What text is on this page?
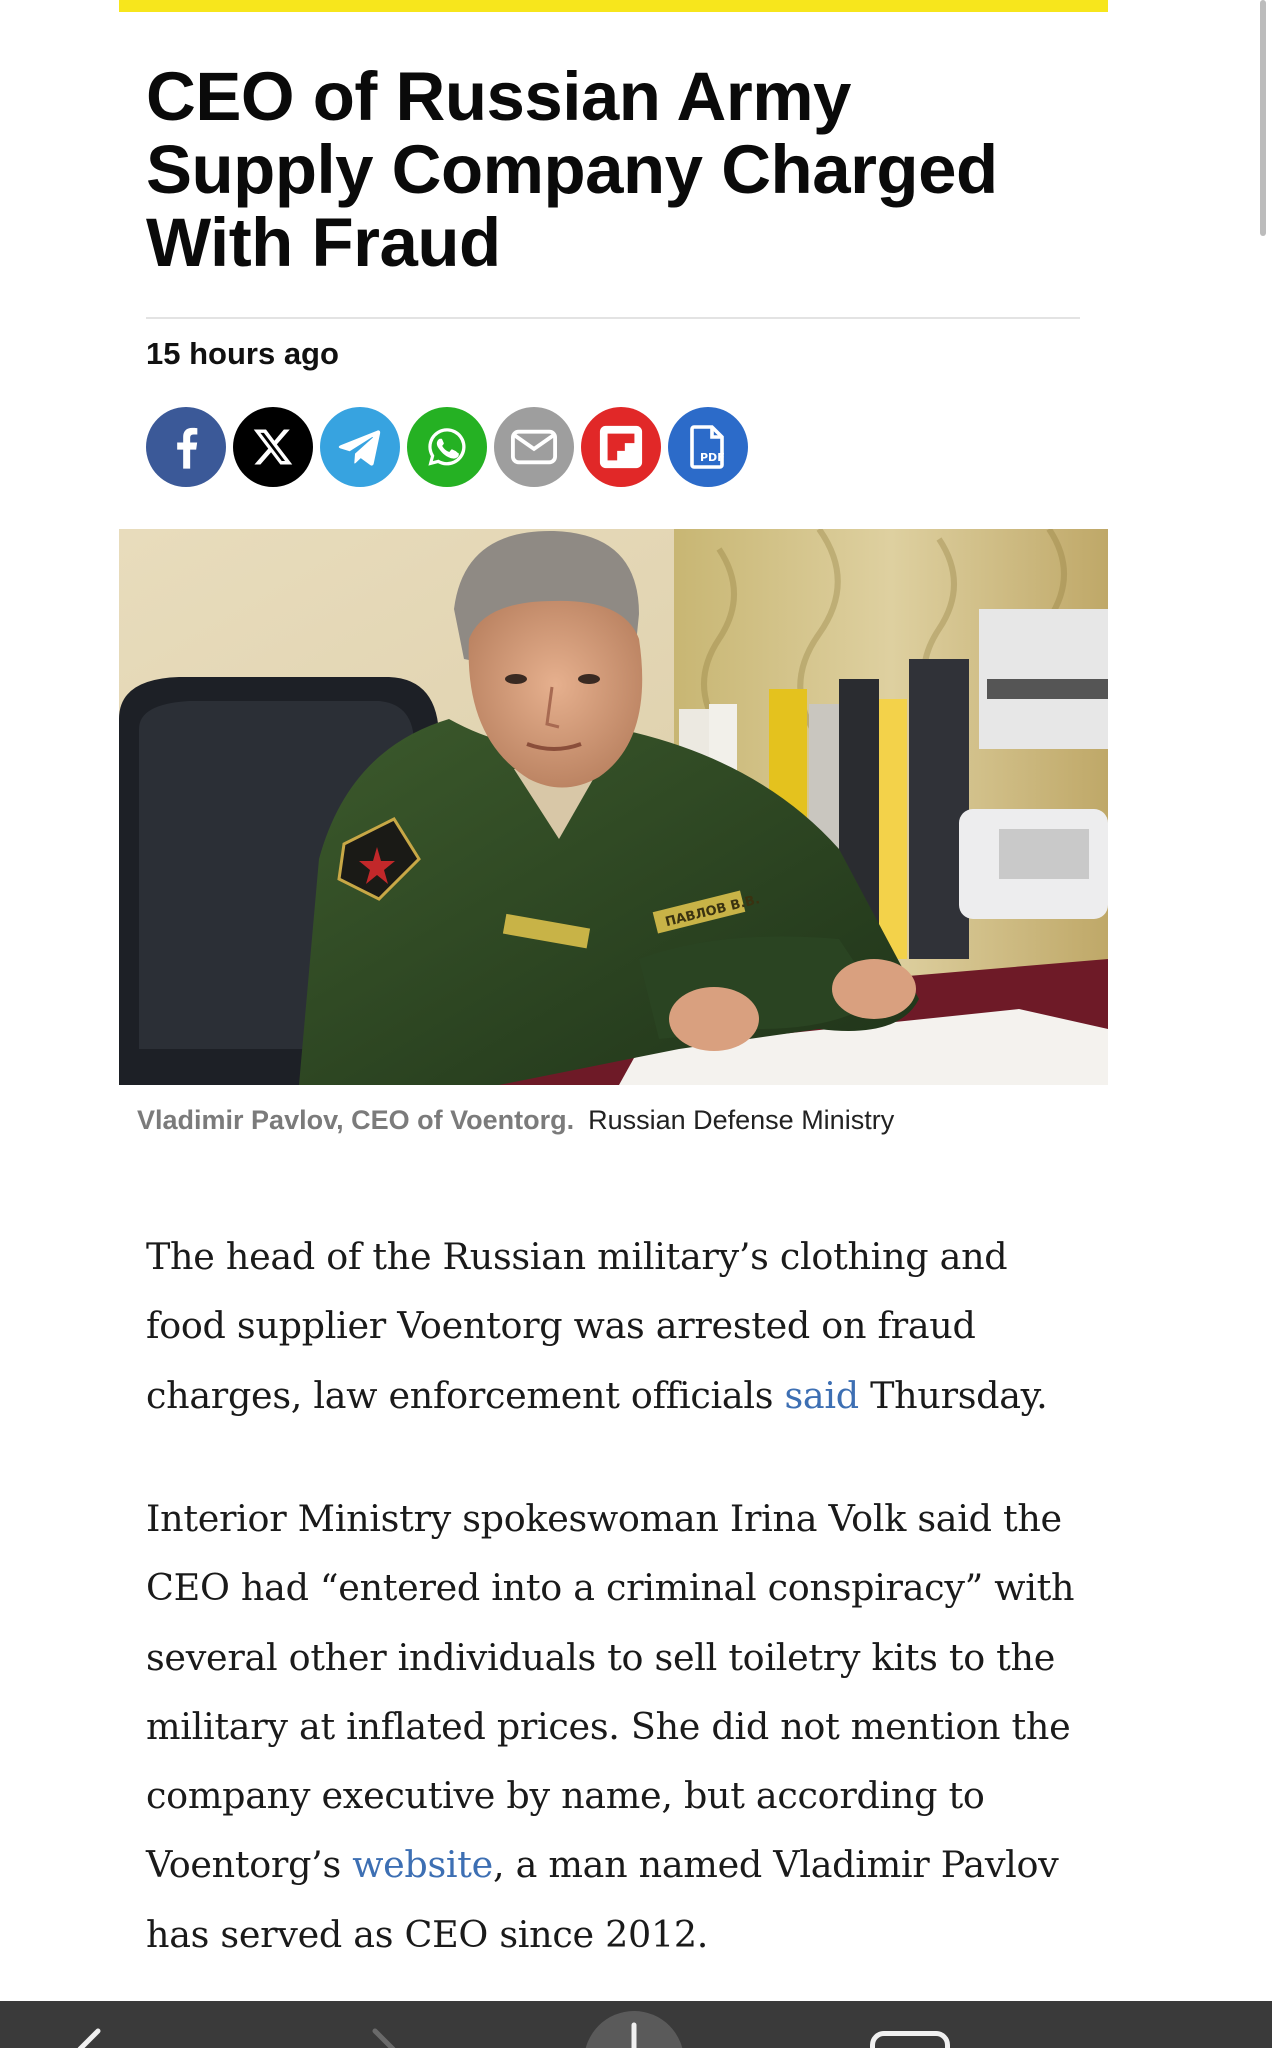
CEO of Russian Army Supply Company Charged With Fraud
15 hours ago
PDF
ПАВЛОВ В.В.
Vladimir Pavlov, CEO of Voentorg. Russian Defense Ministry

The head of the Russian military’s clothing and food supplier Voentorg was arrested on fraud charges, law enforcement officials said Thursday.

Interior Ministry spokeswoman Irina Volk said the CEO had “entered into a criminal conspiracy” with several other individuals to sell toiletry kits to the military at inflated prices. She did not mention the company executive by name, but according to Voentorg’s website, a man named Vladimir Pavlov has served as CEO since 2012.
